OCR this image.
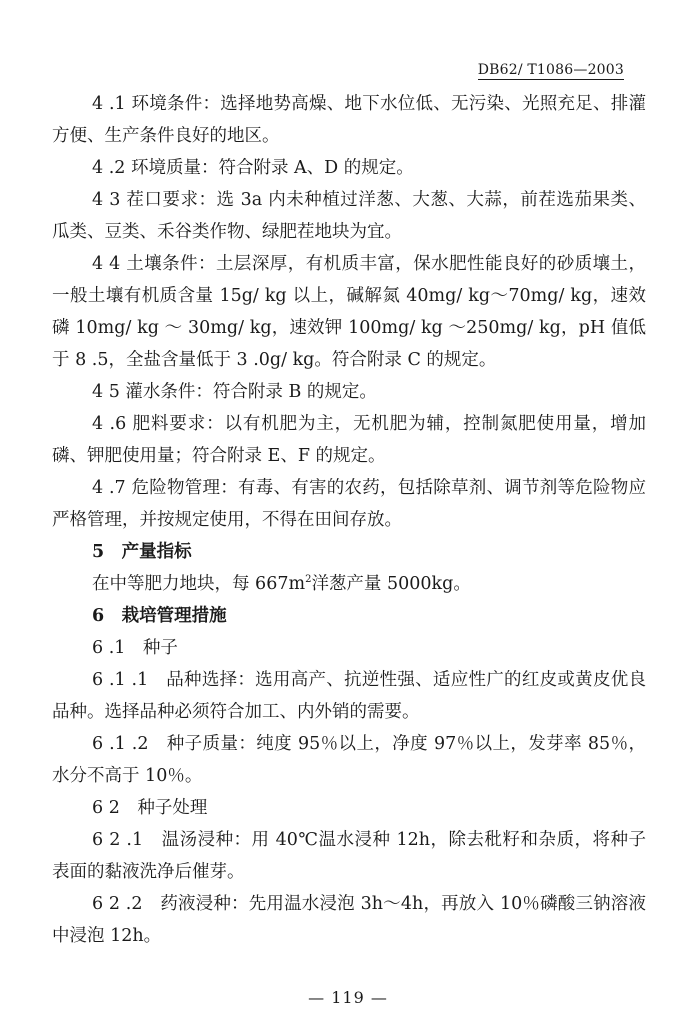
DB62/ T1086—2003

4 .1 环境条件：选择地势高燥、地下水位低、无污染、光照充足、排灌方便、生产条件良好的地区。

4 .2 环境质量：符合附录 A、D 的规定。

4 3 茬口要求：选 3a 内未种植过洋葱、大葱、大蒜，前茬选茄果类、瓜类、豆类、禾谷类作物、绿肥茬地块为宜。

4 4 土壤条件：土层深厚，有机质丰富，保水肥性能良好的砂质壤土，一般土壤有机质含量 15g/ kg 以上，碱解氮 40mg/ kg～70mg/ kg，速效磷 10mg/ kg ～ 30mg/ kg，速效钾 100mg/ kg ～250mg/ kg，pH 值低于 8 .5，全盐含量低于 3 .0g/ kg。符合附录 C 的规定。

4 5 灌水条件：符合附录 B 的规定。

4 .6 肥料要求：以有机肥为主，无机肥为辅，控制氮肥使用量，增加磷、钾肥使用量；符合附录 E、F 的规定。

4 .7 危险物管理：有毒、有害的农药，包括除草剂、调节剂等危险物应严格管理，并按规定使用，不得在田间存放。

5　产量指标

在中等肥力地块，每 $667m^2$洋葱产量 5000kg。

6　栽培管理措施

6 .1　种子

6 .1 .1　品种选择：选用高产、抗逆性强、适应性广的红皮或黄皮优良品种。选择品种必须符合加工、内外销的需要。

6 .1 .2　种子质量：纯度 95％以上，净度 97％以上，发芽率 85％，水分不高于 10％。

6 2　种子处理

6 2 .1　温汤浸种：用 40℃温水浸种 12h，除去秕籽和杂质，将种子表面的黏液洗净后催芽。

6 2 .2　药液浸种：先用温水浸泡 3h～4h，再放入 10％磷酸三钠溶液中浸泡 12h。

— 119 —
